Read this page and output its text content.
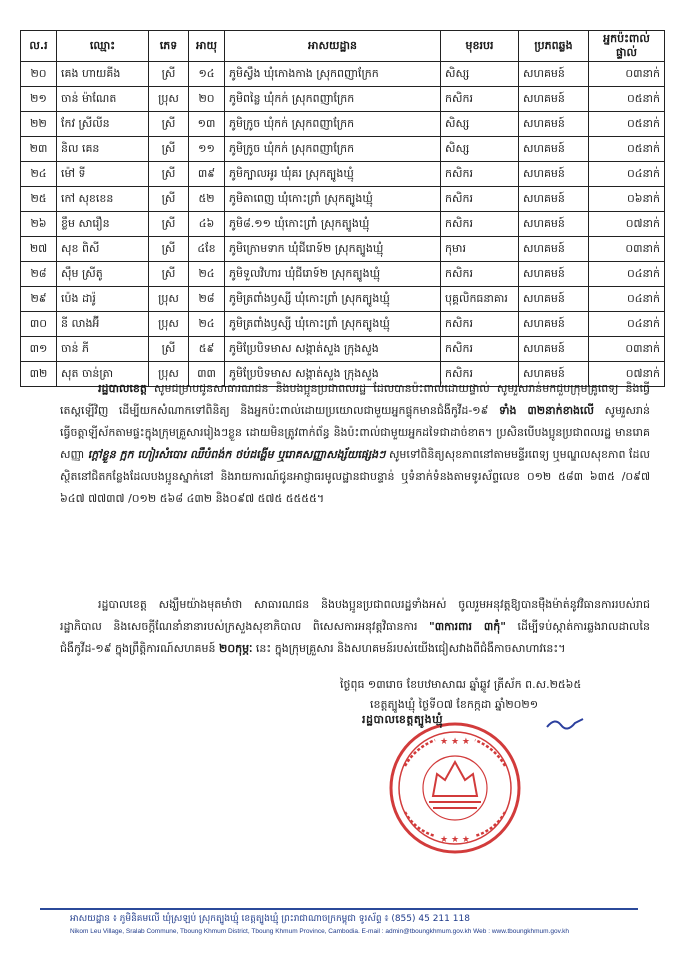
ល.រ	ឈ្មោះ	ភេទ	អាយុ	អាសយដ្ឋាន	មុខរបរ	ប្រភពឆ្លង	អ្នកប៉ះពាល់ផ្ទាល់
២០	គេង ហាយគីង	ស្រី	១៤	ភូមិស្វឹង ឃុំកោងកាង ស្រុកពញាក្រែក	សិស្ស	សហគមន៍	០៣នាក់
២១	ចាន់ ម៉ាណែត	ប្រុស	២០	ភូមិពន្លៃ ឃុំកក់ ស្រុកពញាក្រែក	កសិករ	សហគមន៍	០៥នាក់
២២	កែវ ស្រីលីន	ស្រី	១៣	ភូមិក្រូច ឃុំកក់ ស្រុកពញាក្រែក	សិស្ស	សហគមន៍	០៥នាក់
២៣	និល គេន	ស្រី	១១	ភូមិក្រូច ឃុំកក់ ស្រុកពញាក្រែក	សិស្ស	សហគមន៍	០៥នាក់
២៤	ម៉ៅ ទី	ស្រី	៣៩	ភូមិក្បាលអូរ ឃុំគរ ស្រុកត្បូងឃ្មុំ	កសិករ	សហគមន៍	០៤នាក់
២៥	កៅ សុខខេន	ស្រី	៥២	ភូមិតាពេញ ឃុំកោះព្រាំ ស្រុកត្បូងឃ្មុំ	កសិករ	សហគមន៍	០៦នាក់
២៦	ខ្លឹម សារឿន	ស្រី	៤៦	ភូមិ៨.១១ ឃុំកោះព្រាំ ស្រុកត្បូងឃ្មុំ	កសិករ	សហគមន៍	០៧នាក់
២៧	សុខ ពិសី	ស្រី	៤ខែ	ភូមិក្រោមទាក ឃុំជីរោទ៍២ ស្រុកត្បូងឃ្មុំ	កុមារ	សហគមន៍	០៣នាក់
២៨	ស៊ឹម ស្រីតូ	ស្រី	២៤	ភូមិទួលវិហារ ឃុំជីរោទ៍២ ស្រុកត្បូងឃ្មុំ	កសិករ	សហគមន៍	០៤នាក់
២៩	ប៉េង ដារ៉ូ	ប្រុស	២៨	ភូមិត្រពាំងឫស្សី ឃុំកោះព្រាំ ស្រុកត្បូងឃ្មុំ	បុគ្គលិកធនាគារ	សហគមន៍	០៤នាក់
៣០	នី លាងអ៊ី	ប្រុស	២៤	ភូមិត្រពាំងឫស្សី ឃុំកោះព្រាំ ស្រុកត្បូងឃ្មុំ	កសិករ	សហគមន៍	០៤នាក់
៣១	ចាន់ ភី	ស្រី	៥៩	ភូមិប្រែបិទមាស សង្កាត់សួង ក្រុងសួង	កសិករ	សហគមន៍	០៣នាក់
៣២	សុត ចាន់ត្រា	ប្រុស	៣៣	ភូមិប្រែបិទមាស សង្កាត់សួង ក្រុងសួង	កសិករ	សហគមន៍	០៧នាក់
រដ្ឋបាលខេត្ត សូមជម្រាបជូនសាធារណជន និងបងប្អូនប្រជាពលរដ្ឋ ដែលបានប៉ះពាល់ដោយផ្ទាល់ សូមរួសរាន់មកជួបក្រុមគ្រូពេទ្យ និងធ្វើតេស្តឡើវិញ ដើម្បីយកសំណាកទៅពិនិត្យ និងអ្នកប៉ះពាល់ដោយប្រយោលជាមួយអ្នកផ្ទុកមានជំងឺកូវីដ-១៩ ទាំង ៣២នាក់ខាងលើ សូមរួសរាន់ធ្វើចត្តាឡីស័កតាមផ្ទះក្នុងក្រុមគ្រួសាររៀងៗខ្លួន ដោយមិនត្រូវពាក់ព័ន្ធ និងប៉ះពាល់ជាមួយអ្នកដទៃជាដាច់ខាត។ ប្រសិនបើបងប្អូនប្រជាពលរដ្ឋ មានរោគសញ្ញា ក្ដៅខ្លួន ក្អក ហៀរសំបោរ ឈឺបំពង់ក ថប់ដង្ហើម ឬរោគសញ្ញាសង្ស័យផ្សេងៗ សូមទៅពិនិត្យសុខភាពនៅតាមមន្ទីរពេទ្យ ឬមណ្ឌលសុខភាព ដែលស្ថិតនៅជិតកន្លែងដែលបងប្អូនស្នាក់នៅ និងរាយការណ៍ជូនអាជ្ញាធរមូលដ្ឋានជាបន្ទាន់ ឬទំនាក់ទំនងតាមទូរស័ព្ទលេខ ០១២ ៥៨៣ ៦៣៥ /០៩៧ ៦៤៧ ៧៧៣៧ /០១២ ៥៦៨ ៤៣២ និង០៩៧ ៥៧៥ ៥៥៥៥។
រដ្ឋបាលខេត្ត សង្ឃឹមយ៉ាងមុតមាំថា សាធារណជន និងបងប្អូនប្រជាពលរដ្ឋទាំងអស់ ចូលរួមអនុវត្តឱ្យបានម៉ឺងម៉ាត់នូវវិធានការរបស់រាជរដ្ឋាភិបាល និងសេចក្តីណែនាំនានារបស់ក្រសួងសុខាភិបាល ពិសេសការអនុវត្តវិធានការ "៣ការពារ ៣កុំ" ដើម្បីទប់ស្កាត់ការឆ្លងរាលដាលនៃជំងឺកូវីដ-១៩ ក្នុងព្រឹត្តិការណ៍សហគមន៍ ២០កុម្ភៈ នេះ ក្នុងក្រុមគ្រួសារ និងសហគមន៍របស់យើងជៀសវាងពីជំងឺកាចសាហាវនេះ។
ថ្ងៃពុធ ១៣រោច ខែបឋមាសាឍ ឆ្នាំឆ្លូវ ត្រីស័ក ព.ស.២៥៦៥
ខេត្តត្បូងឃ្មុំ ថ្ងៃទី០៧ ខែកក្កដា ឆ្នាំ២០២១
★ ★ ★
★ ★ ★
រដ្ឋបាលខេត្តត្បូងឃ្មុំ
អាសយដ្ឋាន ៖ ភូមិនិគមលើ ឃុំស្រឡប់ ស្រុកត្បូងឃ្មុំ ខេត្តត្បូងឃ្មុំ ព្រះរាជាណាចក្រកម្ពុជា ទូរស័ព្ទ ៖ (855) 45 211 118
Nikom Leu Village, Sralab Commune, Tboung Khmum District, Tboung Khmum Province, Cambodia. E-mail : admin@tboungkhmum.gov.kh Web : www.tboungkhmum.gov.kh
